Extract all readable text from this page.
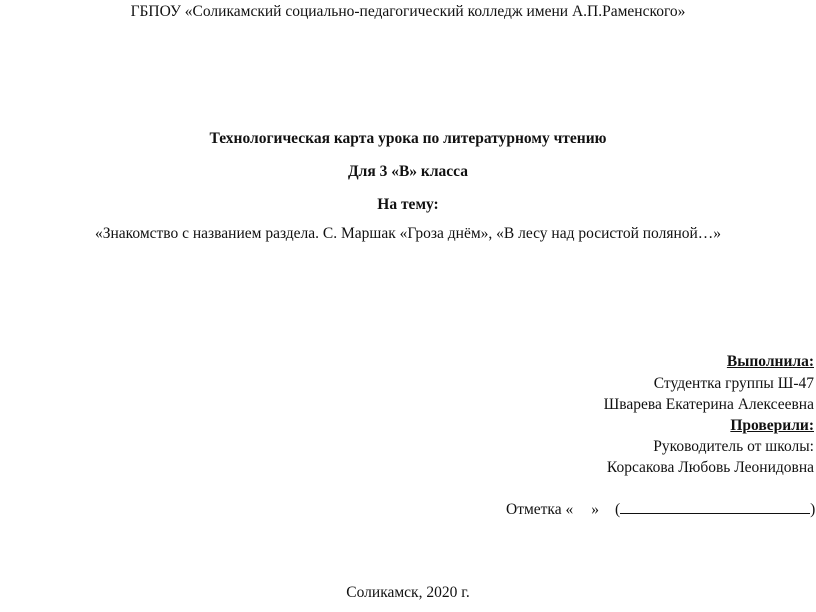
ГБПОУ «Соликамский социально-педагогический колледж имени А.П.Раменского»
Технологическая карта урока по литературному чтению
Для 3 «В» класса
На тему:
«Знакомство с названием раздела. С. Маршак «Гроза днём», «В лесу над росистой поляной…»
Выполнила:
Студентка группы Ш-47
Шварева Екатерина Алексеевна
Проверили:
Руководитель от школы:
Корсакова Любовь Леонидовна
Отметка « » (	)
Соликамск, 2020 г.
